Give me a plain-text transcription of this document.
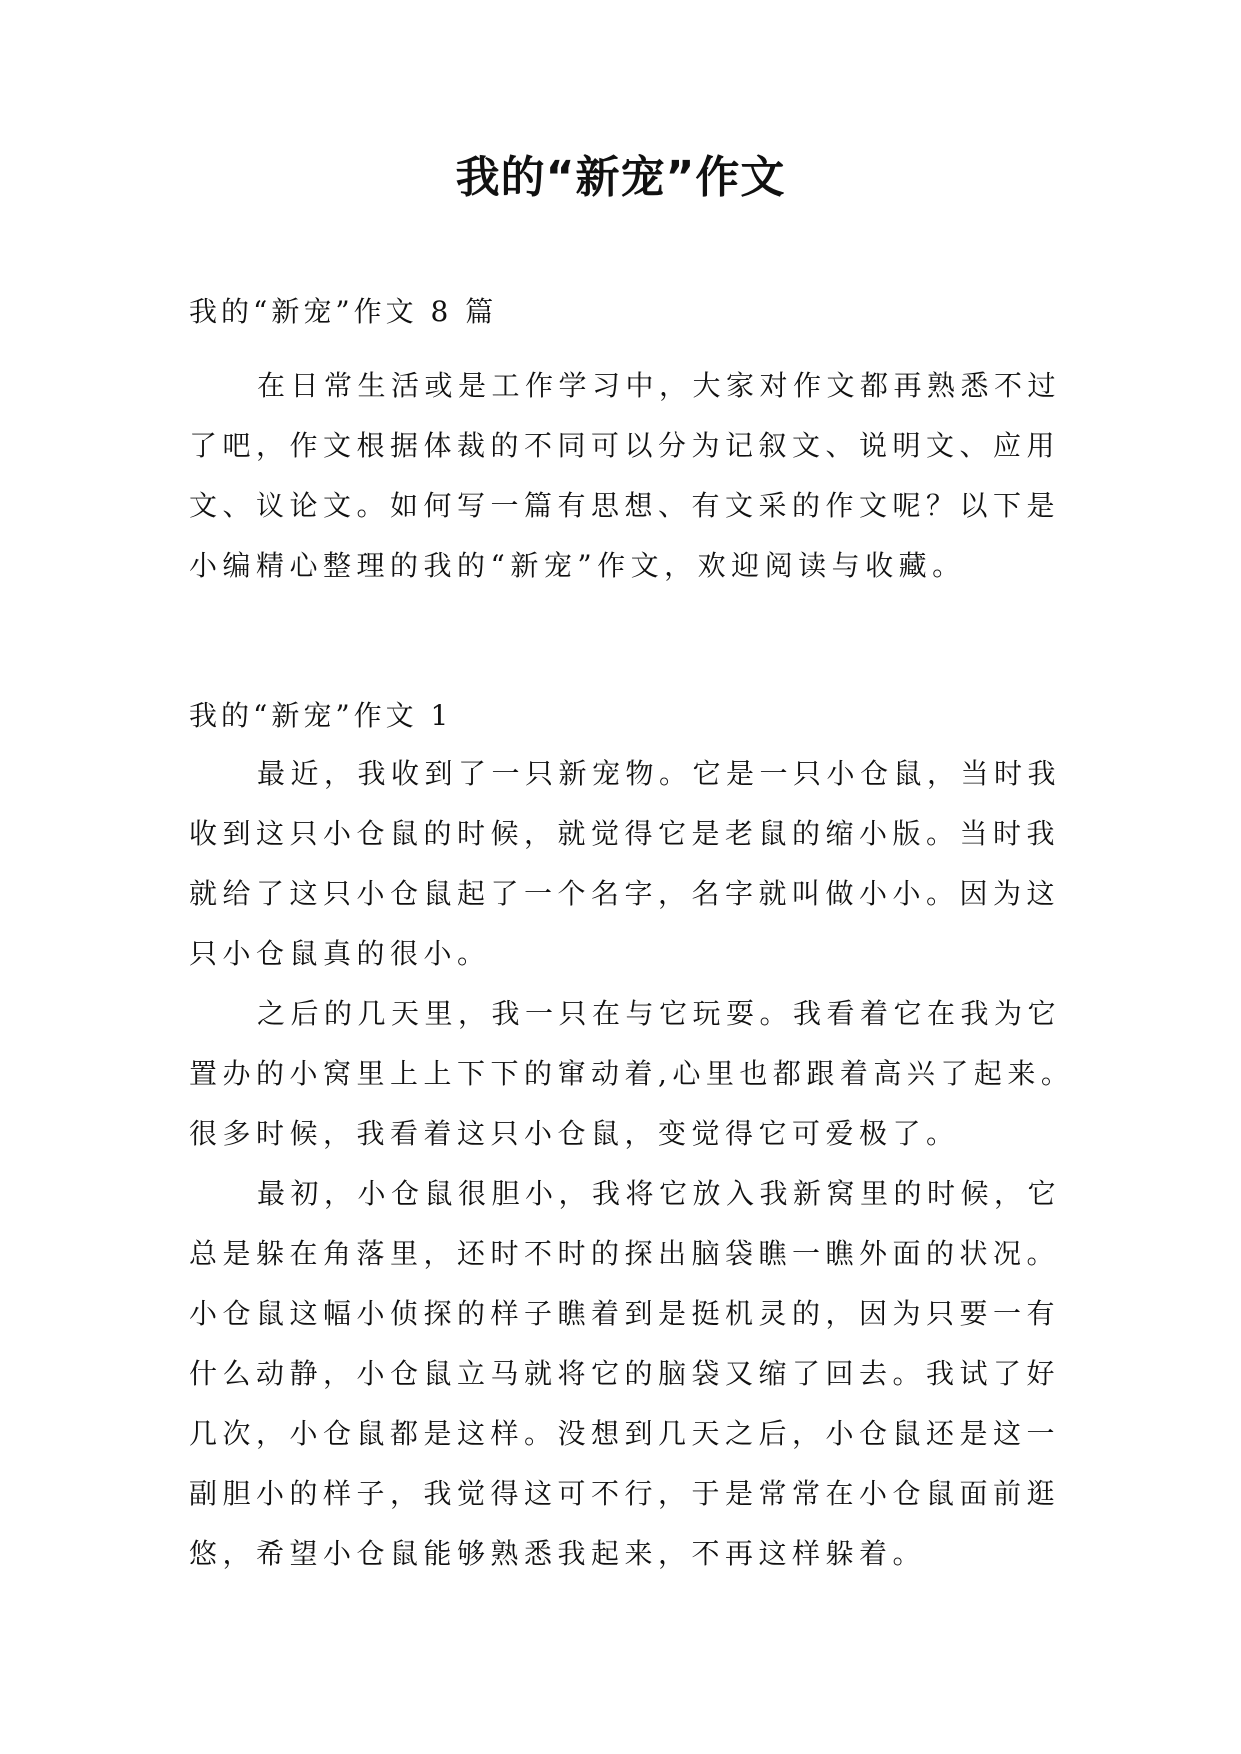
我的“新宠”作文
我的“新宠”作文 8 篇
在日常生活或是工作学习中，大家对作文都再熟悉不过
了吧，作文根据体裁的不同可以分为记叙文、说明文、应用
文、议论文。如何写一篇有思想、有文采的作文呢？以下是
小编精心整理的我的“新宠”作文，欢迎阅读与收藏。
我的“新宠”作文 1
最近，我收到了一只新宠物。它是一只小仓鼠，当时我
收到这只小仓鼠的时候，就觉得它是老鼠的缩小版。当时我
就给了这只小仓鼠起了一个名字，名字就叫做小小。因为这
只小仓鼠真的很小。
之后的几天里，我一只在与它玩耍。我看着它在我为它
置办的小窝里上上下下的窜动着,心里也都跟着高兴了起来。
很多时候，我看着这只小仓鼠，变觉得它可爱极了。
最初，小仓鼠很胆小，我将它放入我新窝里的时候，它
总是躲在角落里，还时不时的探出脑袋瞧一瞧外面的状况。
小仓鼠这幅小侦探的样子瞧着到是挺机灵的，因为只要一有
什么动静，小仓鼠立马就将它的脑袋又缩了回去。我试了好
几次，小仓鼠都是这样。没想到几天之后，小仓鼠还是这一
副胆小的样子，我觉得这可不行，于是常常在小仓鼠面前逛
悠，希望小仓鼠能够熟悉我起来，不再这样躲着。
